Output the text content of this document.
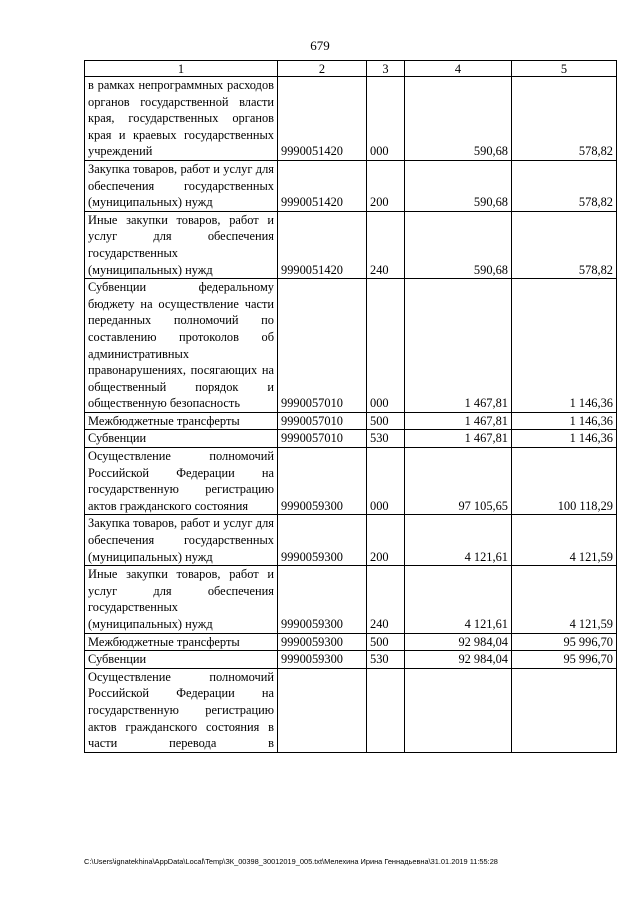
679
1	2	3	4	5
в рамках непрограммных расходов органов государственной власти края, государственных органов края и краевых государственных учреждений	9990051420	000	590,68	578,82
Закупка товаров, работ и услуг для обеспечения государственных (муниципальных) нужд	9990051420	200	590,68	578,82
Иные закупки товаров, работ и услуг для обеспечения государственных (муниципальных) нужд	9990051420	240	590,68	578,82
Субвенции федеральному бюджету на осуществление части переданных полномочий по составлению протоколов об административных правонарушениях, посягающих на общественный порядок и общественную безопасность	9990057010	000	1 467,81	1 146,36
Межбюджетные трансферты	9990057010	500	1 467,81	1 146,36
Субвенции	9990057010	530	1 467,81	1 146,36
Осуществление полномочий Российской Федерации на государственную регистрацию актов гражданского состояния	9990059300	000	97 105,65	100 118,29
Закупка товаров, работ и услуг для обеспечения государственных (муниципальных) нужд	9990059300	200	4 121,61	4 121,59
Иные закупки товаров, работ и услуг для обеспечения государственных (муниципальных) нужд	9990059300	240	4 121,61	4 121,59
Межбюджетные трансферты	9990059300	500	92 984,04	95 996,70
Субвенции	9990059300	530	92 984,04	95 996,70
Осуществление полномочий Российской Федерации на государственную регистрацию актов гражданского состояния в части перевода в				
C:\Users\ignatekhina\AppData\Local\Temp\ЗК_00398_30012019_005.txt\Мелехина Ирина Геннадьевна\31.01.2019 11:55:28
